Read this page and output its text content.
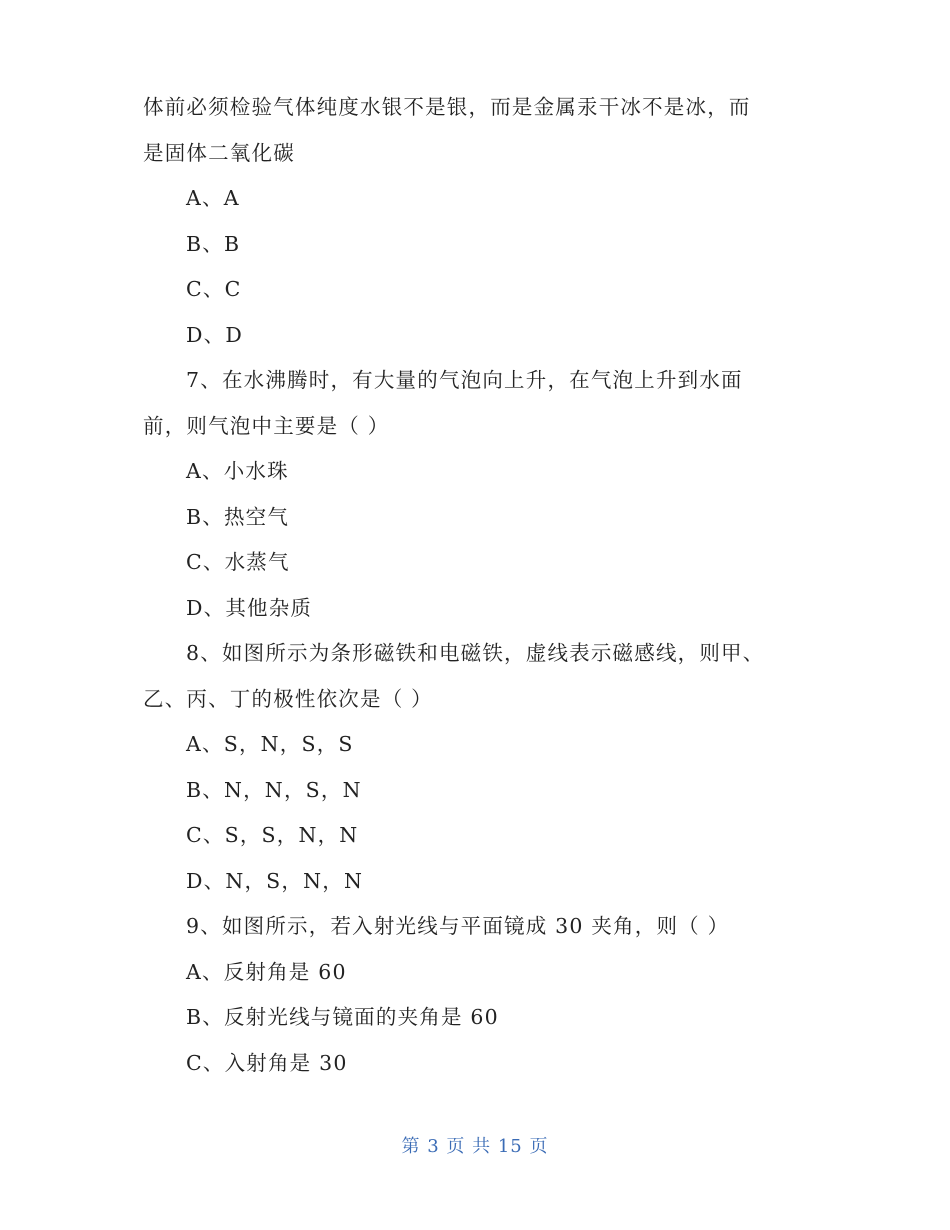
体前必须检验气体纯度水银不是银，而是金属汞干冰不是冰，而
是固体二氧化碳
A、A
B、B
C、C
D、D
7、在水沸腾时，有大量的气泡向上升，在气泡上升到水面
前，则气泡中主要是（ ）
A、小水珠
B、热空气
C、水蒸气
D、其他杂质
8、如图所示为条形磁铁和电磁铁，虚线表示磁感线，则甲、
乙、丙、丁的极性依次是（ ）
A、S，N，S，S
B、N，N，S，N
C、S，S，N，N
D、N，S，N，N
9、如图所示，若入射光线与平面镜成 30 夹角，则（ ）
A、反射角是 60
B、反射光线与镜面的夹角是 60
C、入射角是 30
第 3 页 共 15 页
